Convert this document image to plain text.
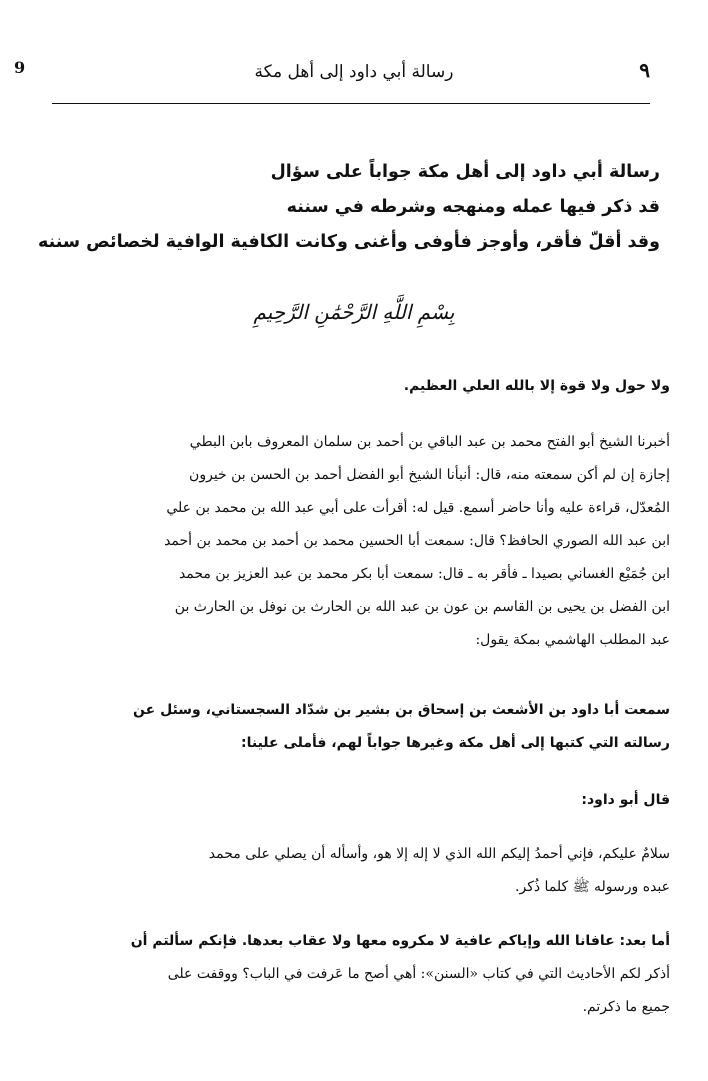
9	رسالة أبي داود إلى أهل مكة	٩
رسالة أبي داود إلى أهل مكة جواباً على سؤال
قد ذكر فيها عمله ومنهجه وشرطه في سننه
وقد أقلّ فأقر، وأوجز فأوفى وأغنى وكانت الكافية الوافية لخصائص سننه
بِسْمِ اللَّهِ الرَّحْمَٰنِ الرَّحِيمِ
ولا حول ولا قوة إلا بالله العلي العظيم.
أخبرنا الشيخ أبو الفتح محمد بن عبد الباقي بن أحمد بن سلمان المعروف بابن البطي
إجازة إن لم أكن سمعته منه، قال: أنبأنا الشيخ أبو الفضل أحمد بن الحسن بن خيرون
المُعدّل، قراءة عليه وأنا حاضر أسمع. قيل له: أقرأت على أبي عبد الله بن محمد بن علي
ابن عبد الله الصوري الحافظ؟ قال: سمعت أبا الحسين محمد بن أحمد بن محمد بن أحمد
ابن جُمَيْع الغساني بصيدا ـ فأقر به ـ قال: سمعت أبا بكر محمد بن عبد العزيز بن محمد
ابن الفضل بن يحيى بن القاسم بن عون بن عبد الله بن الحارث بن نوفل بن الحارث بن
عبد المطلب الهاشمي بمكة يقول:
سمعت أبا داود بن الأشعث بن إسحاق بن بشير بن شدّاد السجستاني، وسئل عن
رسالته التي كتبها إلى أهل مكة وغيرها جواباً لهم، فأملى علينا:
قال أبو داود:
سلامٌ عليكم، فإني أحمدُ إليكم الله الذي لا إله إلا هو، وأسأله أن يصلي على محمد
عبده ورسوله ﷺ كلما ذُكر.
أما بعد: عافانا الله وإياكم عافية لا مكروه معها ولا عقاب بعدها. فإنكم سألتم أن
أذكر لكم الأحاديث التي في كتاب «السنن»: أهي أصح ما عَرفت في الباب؟ ووقفت على
جميع ما ذكرتم.
